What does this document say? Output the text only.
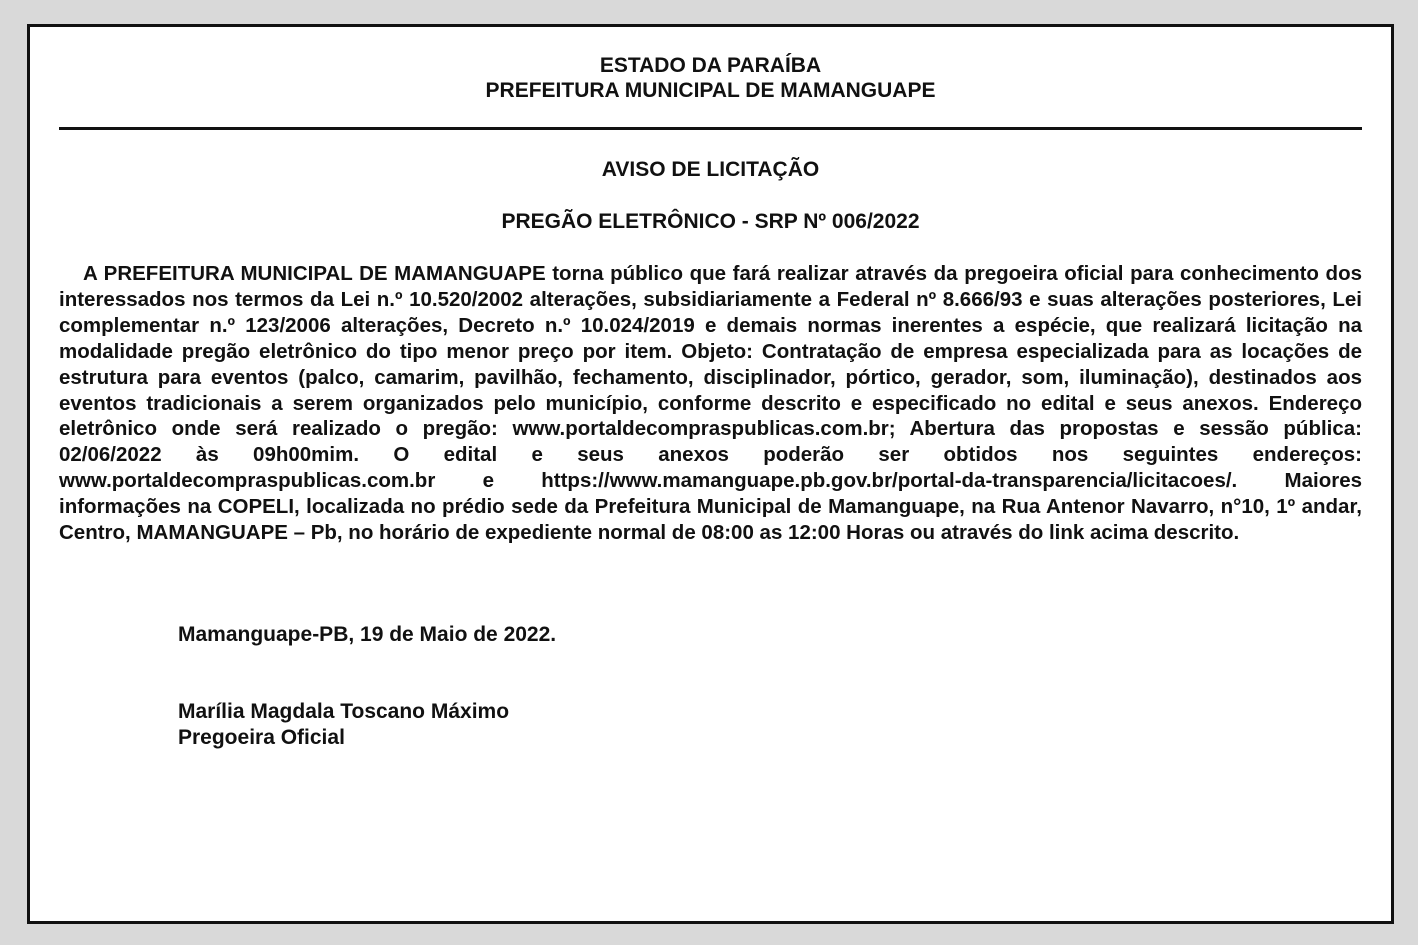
ESTADO DA PARAÍBA
PREFEITURA MUNICIPAL DE MAMANGUAPE
AVISO DE LICITAÇÃO
PREGÃO ELETRÔNICO - SRP Nº 006/2022

A PREFEITURA MUNICIPAL DE MAMANGUAPE torna público que fará realizar através da pregoeira oficial para conhecimento dos interessados nos termos da Lei n.º 10.520/2002 alterações, subsidiariamente a Federal nº 8.666/93 e suas alterações posteriores, Lei complementar n.º 123/2006 alterações, Decreto n.º 10.024/2019 e demais normas inerentes a espécie, que realizará licitação na modalidade pregão eletrônico do tipo menor preço por item. Objeto: Contratação de empresa especializada para as locações de estrutura para eventos (palco, camarim, pavilhão, fechamento, disciplinador, pórtico, gerador, som, iluminação), destinados aos eventos tradicionais a serem organizados pelo município, conforme descrito e especificado no edital e seus anexos. Endereço eletrônico onde será realizado o pregão: www.portaldecompraspublicas.com.br; Abertura das propostas e sessão pública: 02/06/2022 às 09h00mim. O edital e seus anexos poderão ser obtidos nos seguintes endereços: www.portaldecompraspublicas.com.br e https://www.mamanguape.pb.gov.br/portal-da-transparencia/licitacoes/. Maiores informações na COPELI, localizada no prédio sede da Prefeitura Municipal de Mamanguape, na Rua Antenor Navarro, n°10, 1º andar, Centro, MAMANGUAPE – Pb, no horário de expediente normal de 08:00 as 12:00 Horas ou através do link acima descrito.

Mamanguape-PB, 19 de Maio de 2022.
Marília Magdala Toscano Máximo
Pregoeira Oficial
